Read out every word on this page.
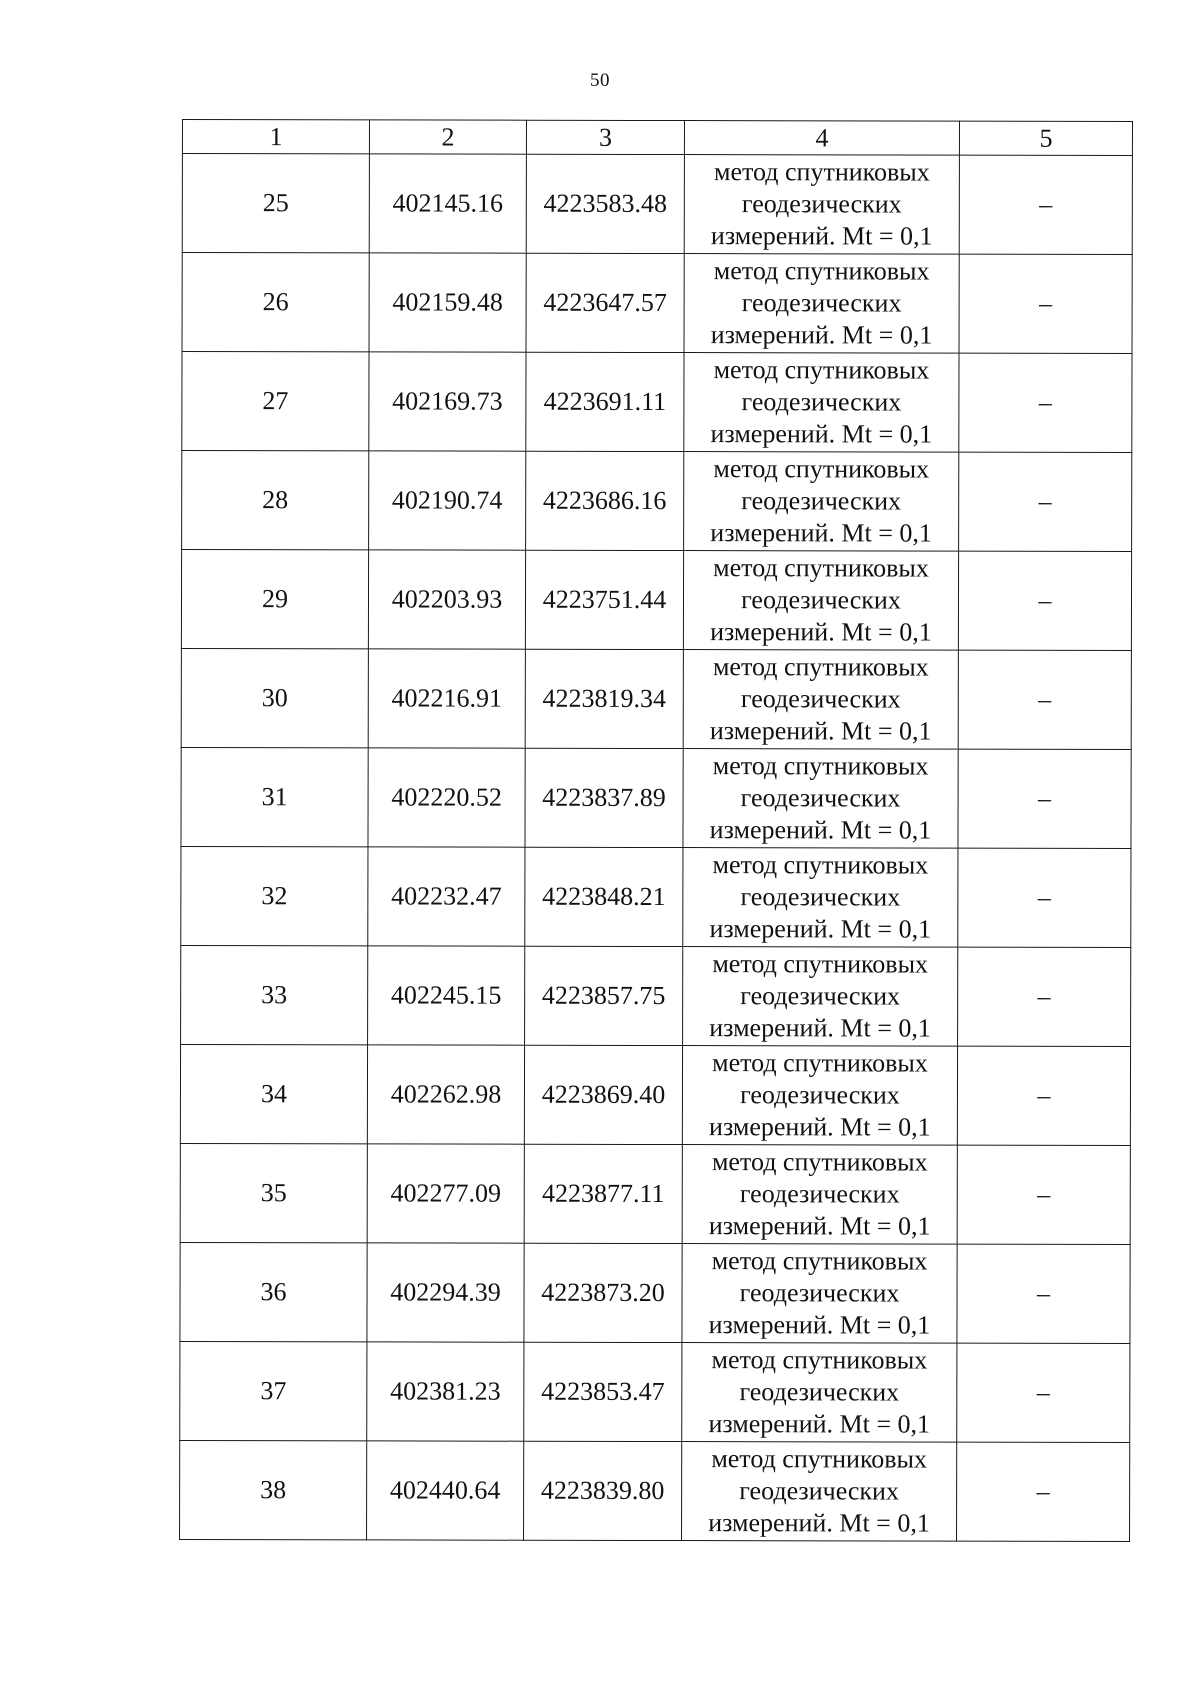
50
1	2	3	4	5
25	402145.16	4223583.48	метод спутниковых
геодезических
измерений. Mt = 0,1	–
26	402159.48	4223647.57	метод спутниковых
геодезических
измерений. Mt = 0,1	–
27	402169.73	4223691.11	метод спутниковых
геодезических
измерений. Mt = 0,1	–
28	402190.74	4223686.16	метод спутниковых
геодезических
измерений. Mt = 0,1	–
29	402203.93	4223751.44	метод спутниковых
геодезических
измерений. Mt = 0,1	–
30	402216.91	4223819.34	метод спутниковых
геодезических
измерений. Mt = 0,1	–
31	402220.52	4223837.89	метод спутниковых
геодезических
измерений. Mt = 0,1	–
32	402232.47	4223848.21	метод спутниковых
геодезических
измерений. Mt = 0,1	–
33	402245.15	4223857.75	метод спутниковых
геодезических
измерений. Mt = 0,1	–
34	402262.98	4223869.40	метод спутниковых
геодезических
измерений. Mt = 0,1	–
35	402277.09	4223877.11	метод спутниковых
геодезических
измерений. Mt = 0,1	–
36	402294.39	4223873.20	метод спутниковых
геодезических
измерений. Mt = 0,1	–
37	402381.23	4223853.47	метод спутниковых
геодезических
измерений. Mt = 0,1	–
38	402440.64	4223839.80	метод спутниковых
геодезических
измерений. Mt = 0,1	–
